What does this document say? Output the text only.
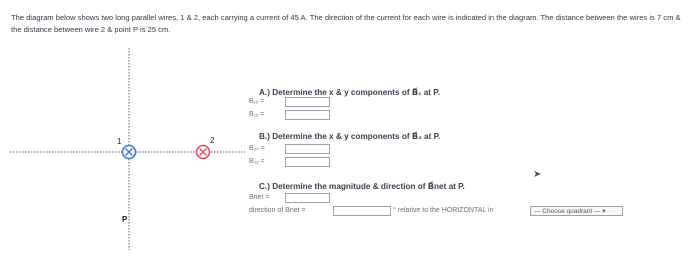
The diagram below shows two long parallel wires, 1 & 2, each carrying a current of 45 A. The direction of the current for each wire is indicated in the diagram. The distance between the wires is 7 cm & the distance between wire 2 & point P is 25 cm.
1	2
P
A.) Determine the x & y components of B⃗₁ at P.
B₁ₓ =
B₁ᵧ =
B.) Determine the x & y components of B⃗₂ at P.
B₂ₓ =
B₂ᵧ =
C.) Determine the magnitude & direction of B⃗net at P.
Bnet =
direction of Bnet =	° relative to the HORIZONTAL in	--- Choose quadrant --- ▾
➤
